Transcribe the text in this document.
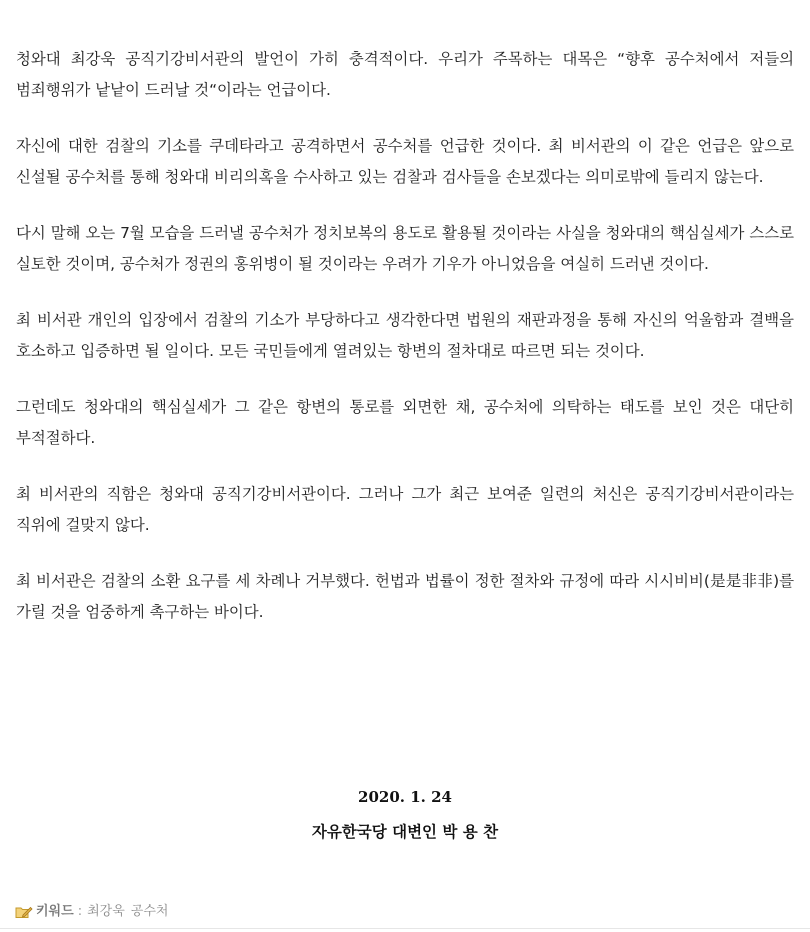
청와대 최강욱 공직기강비서관의 발언이 가히 충격적이다. 우리가 주목하는 대목은 “향후 공수처에서 저들의 범죄행위가 낱낱이 드러날 것“이라는 언급이다.

자신에 대한 검찰의 기소를 쿠데타라고 공격하면서 공수처를 언급한 것이다. 최 비서관의 이 같은 언급은 앞으로 신설될 공수처를 통해 청와대 비리의혹을 수사하고 있는 검찰과 검사들을 손보겠다는 의미로밖에 들리지 않는다.

다시 말해 오는 7월 모습을 드러낼 공수처가 정치보복의 용도로 활용될 것이라는 사실을 청와대의 핵심실세가 스스로 실토한 것이며, 공수처가 정권의 홍위병이 될 것이라는 우려가 기우가 아니었음을 여실히 드러낸 것이다.

최 비서관 개인의 입장에서 검찰의 기소가 부당하다고 생각한다면 법원의 재판과정을 통해 자신의 억울함과 결백을 호소하고 입증하면 될 일이다. 모든 국민들에게 열려있는 항변의 절차대로 따르면 되는 것이다.

그런데도 청와대의 핵심실세가 그 같은 항변의 통로를 외면한 채, 공수처에 의탁하는 태도를 보인 것은 대단히 부적절하다.

최 비서관의 직함은 청와대 공직기강비서관이다. 그러나 그가 최근 보여준 일련의 처신은 공직기강비서관이라는 직위에 걸맞지 않다.

최 비서관은 검찰의 소환 요구를 세 차례나 거부했다. 헌법과 법률이 정한 절차와 규정에 따라 시시비비(是是非非)를 가릴 것을 엄중하게 촉구하는 바이다.

2020. 1. 24
자유한국당 대변인 박 용 찬
키워드 : 최강욱 공수처
